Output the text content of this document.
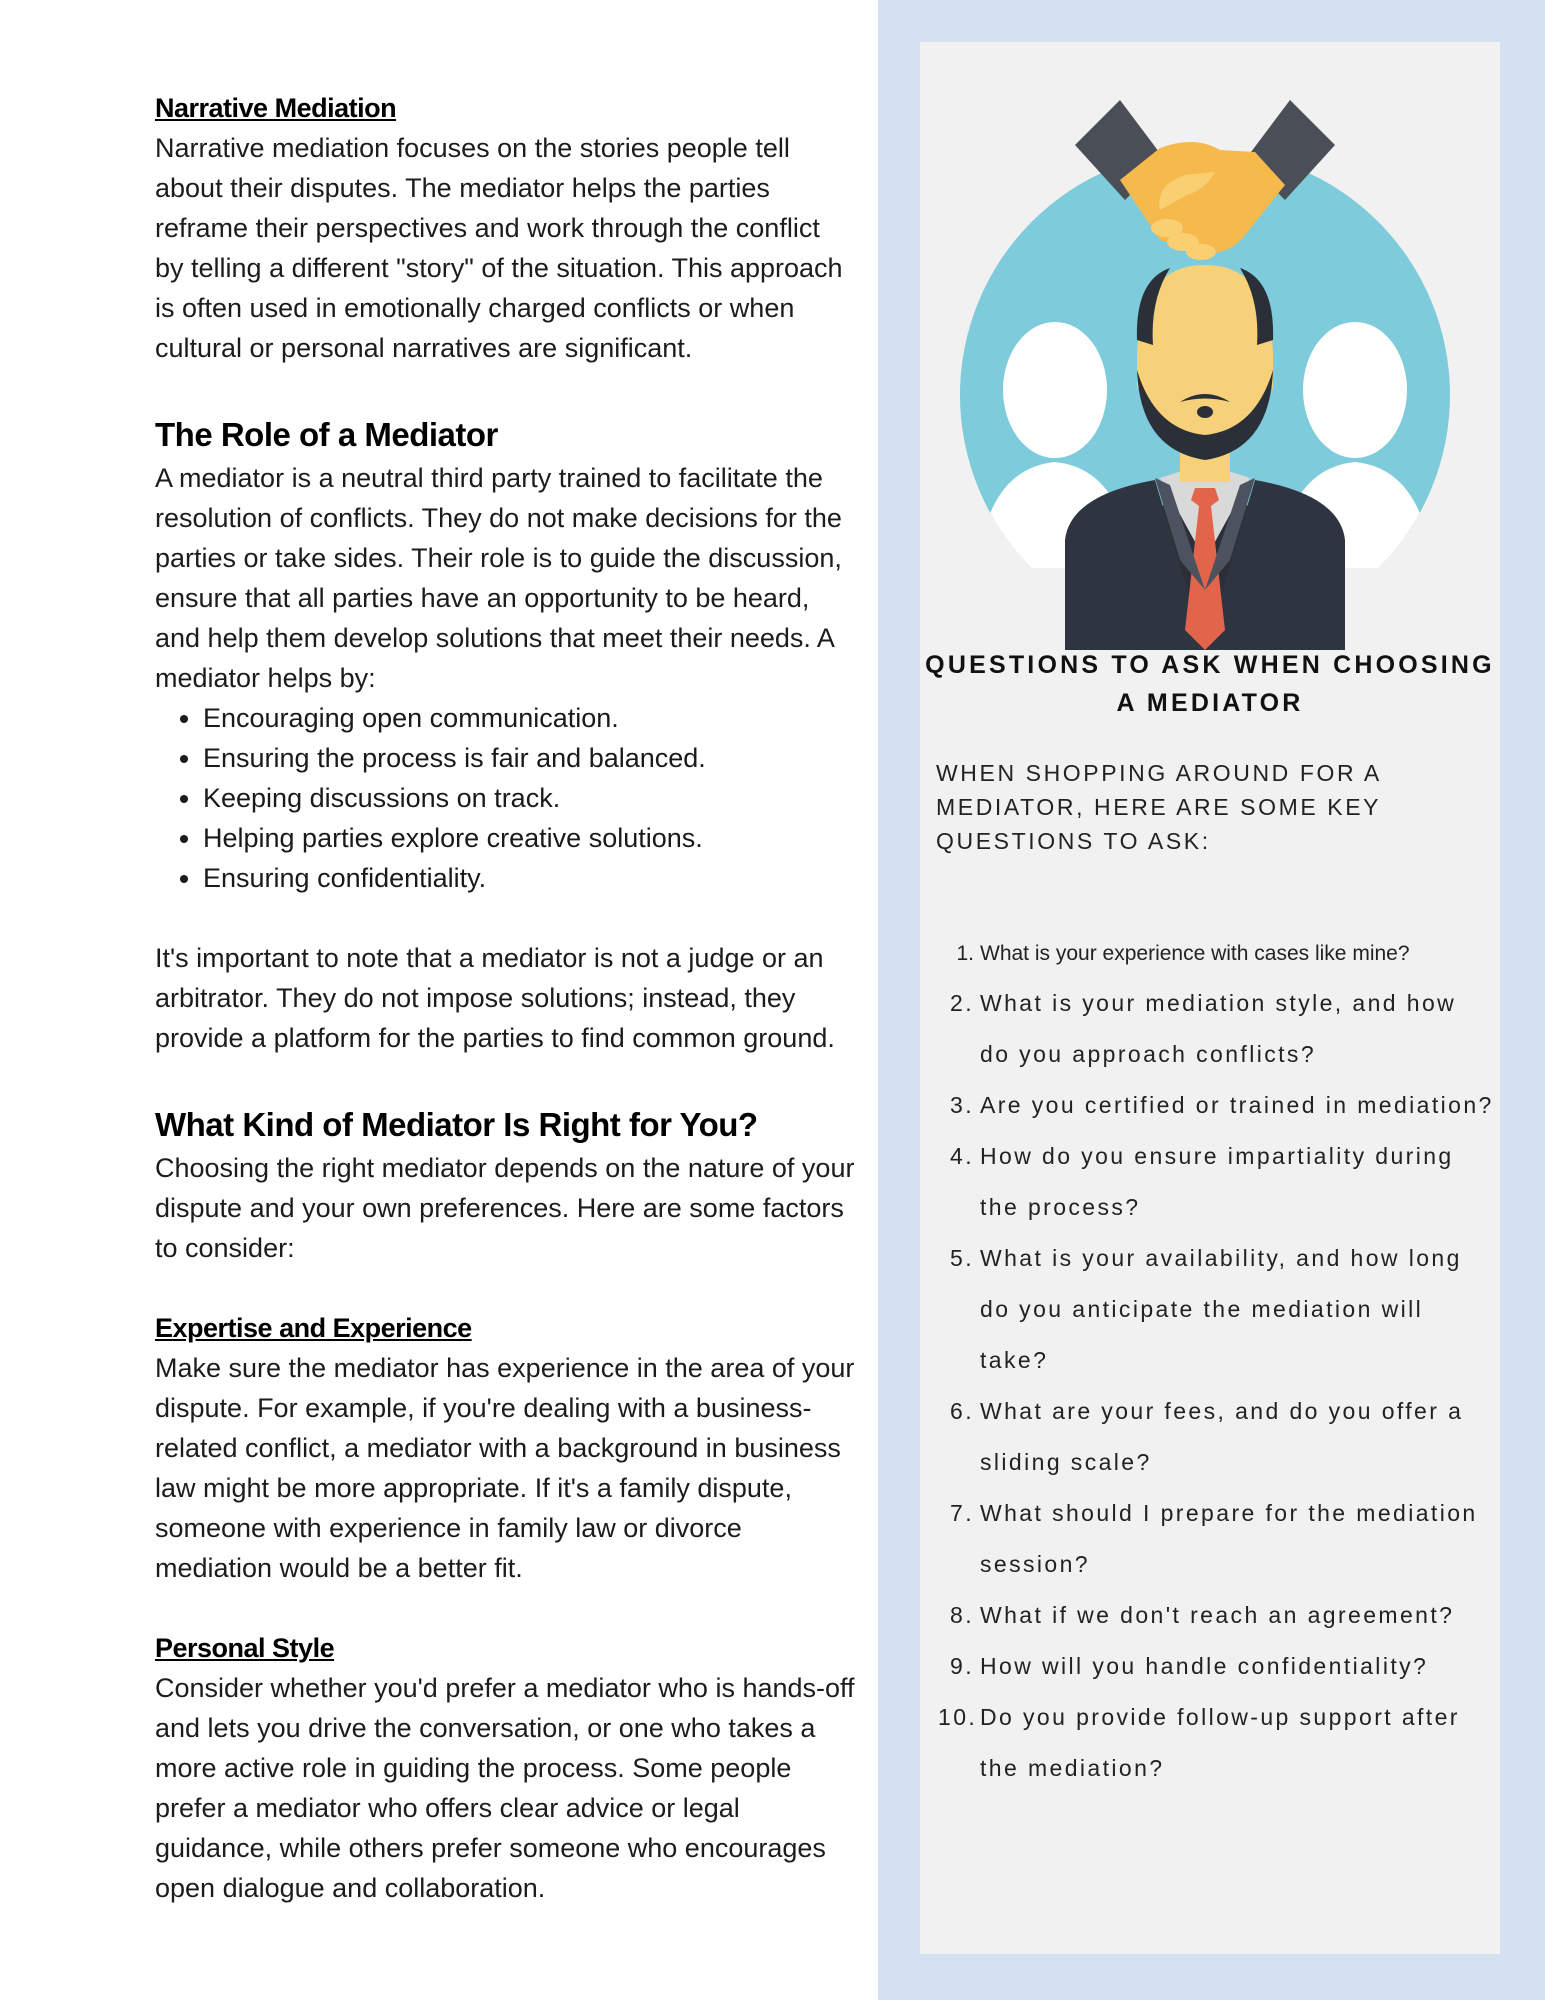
Narrative Mediation

Narrative mediation focuses on the stories people tell about their disputes. The mediator helps the parties reframe their perspectives and work through the conflict by telling a different "story" of the situation. This approach is often used in emotionally charged conflicts or when cultural or personal narratives are significant.

The Role of a Mediator

A mediator is a neutral third party trained to facilitate the resolution of conflicts. They do not make decisions for the parties or take sides. Their role is to guide the discussion, ensure that all parties have an opportunity to be heard, and help them develop solutions that meet their needs. A mediator helps by:

• Encouraging open communication.
• Ensuring the process is fair and balanced.
• Keeping discussions on track.
• Helping parties explore creative solutions.
• Ensuring confidentiality.

It's important to note that a mediator is not a judge or an arbitrator. They do not impose solutions; instead, they provide a platform for the parties to find common ground.

What Kind of Mediator Is Right for You?

Choosing the right mediator depends on the nature of your dispute and your own preferences. Here are some factors to consider:

Expertise and Experience

Make sure the mediator has experience in the area of your dispute. For example, if you're dealing with a business-related conflict, a mediator with a background in business law might be more appropriate. If it's a family dispute, someone with experience in family law or divorce mediation would be a better fit.

Personal Style

Consider whether you'd prefer a mediator who is hands-off and lets you drive the conversation, or one who takes a more active role in guiding the process. Some people prefer a mediator who offers clear advice or legal guidance, while others prefer someone who encourages open dialogue and collaboration.

QUESTIONS TO ASK WHEN CHOOSING A MEDIATOR
WHEN SHOPPING AROUND FOR A MEDIATOR, HERE ARE SOME KEY QUESTIONS TO ASK:
1. What is your experience with cases like mine?
2. What is your mediation style, and how do you approach conflicts?
3. Are you certified or trained in mediation?
4. How do you ensure impartiality during the process?
5. What is your availability, and how long do you anticipate the mediation will take?
6. What are your fees, and do you offer a sliding scale?
7. What should I prepare for the mediation session?
8. What if we don't reach an agreement?
9. How will you handle confidentiality?
10. Do you provide follow-up support after the mediation?
